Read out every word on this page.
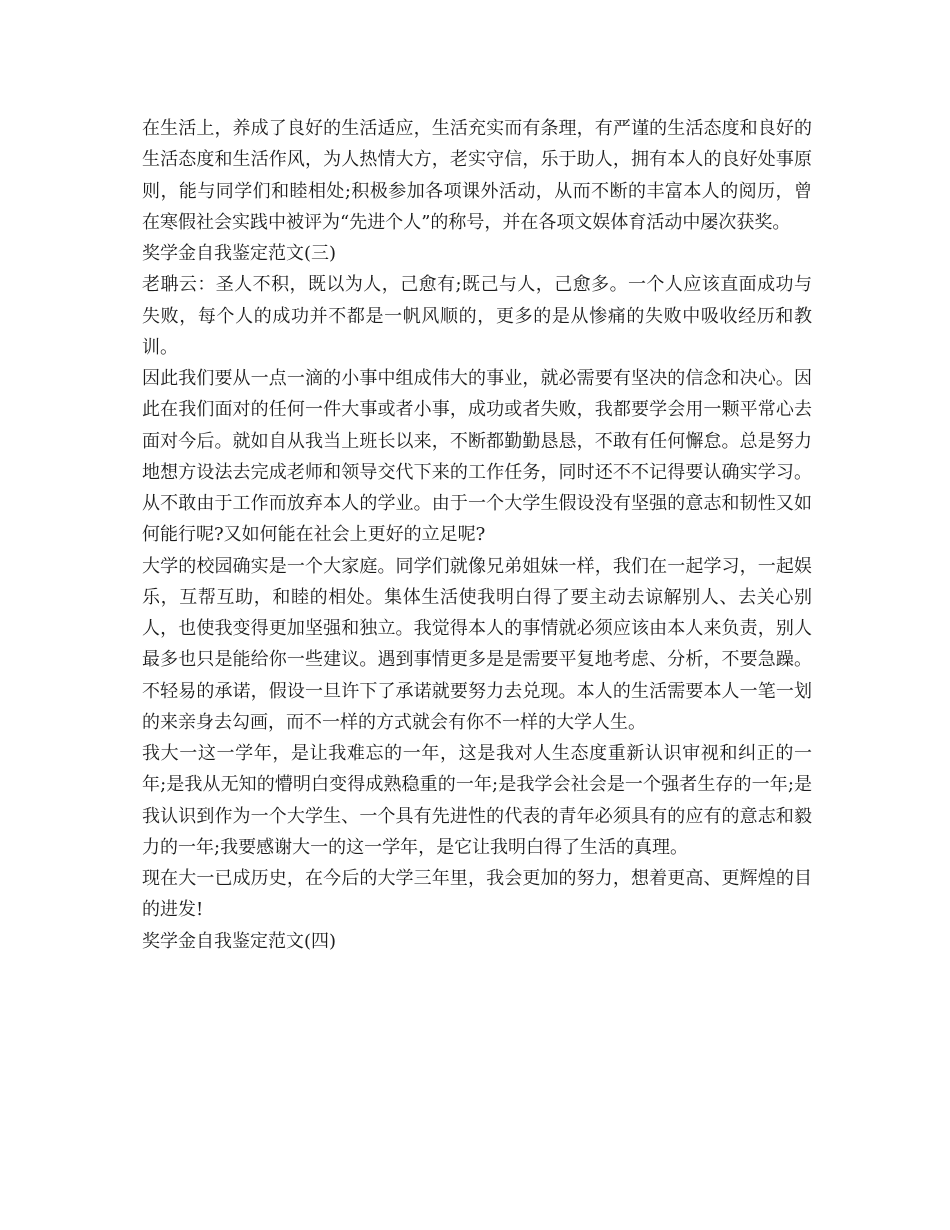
在生活上，养成了良好的生活适应，生活充实而有条理，有严谨的生活态度和良好的生活态度和生活作风，为人热情大方，老实守信，乐于助人，拥有本人的良好处事原则，能与同学们和睦相处;积极参加各项课外活动，从而不断的丰富本人的阅历，曾在寒假社会实践中被评为“先进个人”的称号，并在各项文娱体育活动中屡次获奖。

奖学金自我鉴定范文(三)

老聃云：圣人不积，既以为人，己愈有;既己与人，己愈多。一个人应该直面成功与失败，每个人的成功并不都是一帆风顺的，更多的是从惨痛的失败中吸收经历和教训。

因此我们要从一点一滴的小事中组成伟大的事业，就必需要有坚决的信念和决心。因此在我们面对的任何一件大事或者小事，成功或者失败，我都要学会用一颗平常心去面对今后。就如自从我当上班长以来，不断都勤勤恳恳，不敢有任何懈怠。总是努力地想方设法去完成老师和领导交代下来的工作任务，同时还不不记得要认确实学习。从不敢由于工作而放弃本人的学业。由于一个大学生假设没有坚强的意志和韧性又如何能行呢?又如何能在社会上更好的立足呢?

大学的校园确实是一个大家庭。同学们就像兄弟姐妹一样，我们在一起学习，一起娱乐，互帮互助，和睦的相处。集体生活使我明白得了要主动去谅解别人、去关心别人，也使我变得更加坚强和独立。我觉得本人的事情就必须应该由本人来负责，别人最多也只是能给你一些建议。遇到事情更多是是需要平复地考虑、分析，不要急躁。不轻易的承诺，假设一旦许下了承诺就要努力去兑现。本人的生活需要本人一笔一划的来亲身去勾画，而不一样的方式就会有你不一样的大学人生。

我大一这一学年，是让我难忘的一年，这是我对人生态度重新认识审视和纠正的一年;是我从无知的懵明白变得成熟稳重的一年;是我学会社会是一个强者生存的一年;是我认识到作为一个大学生、一个具有先进性的代表的青年必须具有的应有的意志和毅力的一年;我要感谢大一的这一学年，是它让我明白得了生活的真理。

现在大一已成历史，在今后的大学三年里，我会更加的努力，想着更高、更辉煌的目的进发!

奖学金自我鉴定范文(四)
